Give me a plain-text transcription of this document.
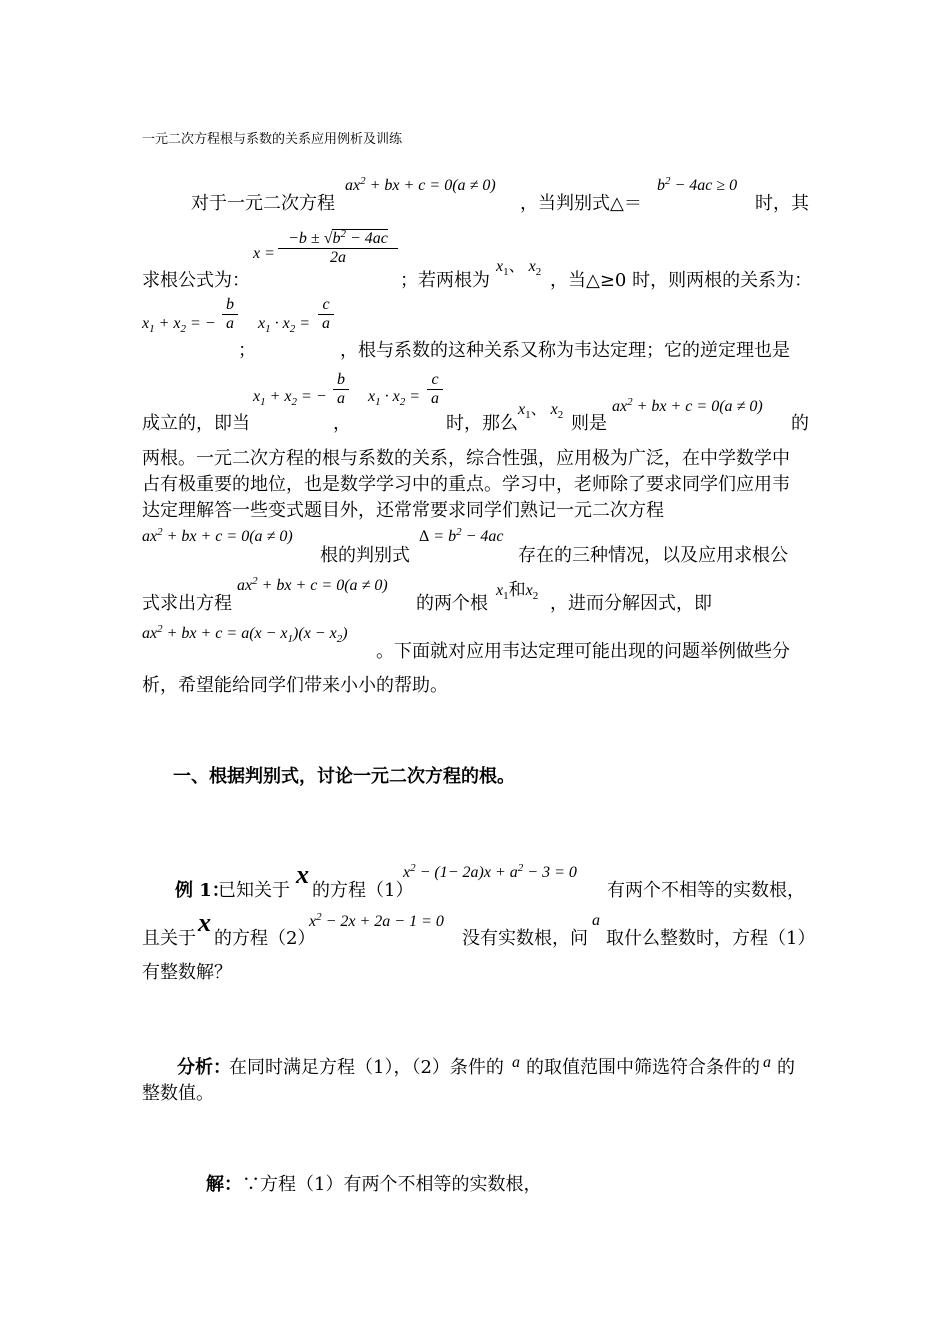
一元二次方程根与系数的关系应用例析及训练
对于一元二次方程
$ax^2$ + bx + c = 0(a ≠ 0)
，当判别式△＝
$b^2 - 4ac \ge 0$
时，其
$x = \frac{-b \pm √b^2 - 4ac}{2a}$
求根公式为：	；若两根为
$x_1$、 $x_2$ ，当△≥0 时，则两根的关系为：
$x_1 + x_2$ = − $\frac{b}{a} x_1 \cdot x_2 = \frac{c}{a}$
；	，根与系数的这种关系又称为韦达定理；它的逆定理也是
$x_1 + x_2$ = − $\frac{b}{a} x_1 \cdot x_2 = \frac{c}{a}$
成立的，即当	，	时，那么
$x_1$、 $x_2$ 则是
$ax^2$ + bx + c = 0(a ≠ 0)
的
两根。一元二次方程的根与系数的关系，综合性强，应用极为广泛，在中学数学中
占有极重要的地位，也是数学学习中的重点。学习中，老师除了要求同学们应用韦
达定理解答一些变式题目外，还常常要求同学们熟记一元二次方程
$ax^2$ + bx + c = 0(a ≠ 0)
根的判别式
$\Delta = b^2 - 4ac$
存在的三种情况，以及应用求根公
式求出方程
$ax^2$ + bx + c = 0(a ≠ 0)
的两个根
$x_1$和$x_2$ ，进而分解因式，即
$ax^2$ + bx + $c = a(x - x_1)(x - x_2)$
。下面就对应用韦达定理可能出现的问题举例做些分
析，希望能给同学们带来小小的帮助。
一、根据判别式，讨论一元二次方程的根。
例 1：
已知关于
x
的方程（1）
$x^2 - (1- 2a)x + a^2 - 3 = 0$
有两个不相等的实数根，
且关于
x
的方程（2）
$x^2 - 2x + 2a - 1 = 0$
没有实数根，问
a
取什么整数时，方程（1）
有整数解？
分析：
在同时满足方程（1），（2）条件的 a 的取值范围中筛选符合条件的 a 的
整数值。
解： ∵方程（1）有两个不相等的实数根，
